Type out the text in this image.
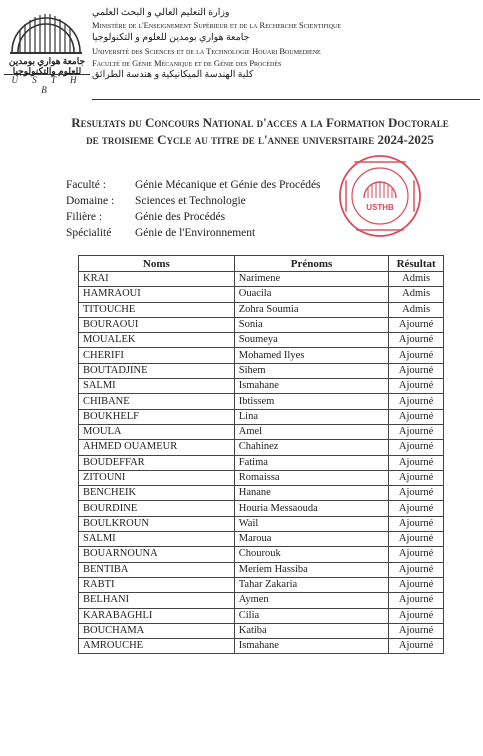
جامعة هواري بومدين للعلوم والتكنولوجيا
U S T H B
وزارة التعليم العالي و البحث العلمي
Ministère de l'Enseignement Supérieur et de la Recherche Scientifique
جامعة هواري بومدين للعلوم و التكنولوجيا
Université des Sciences et de la Technologie Houari Boumediene
Faculté de Génie Mécanique et de Génie des Procédés
كلية الهندسة الميكانيكية و هندسة الطرائق
Resultats du Concours National d'acces a la Formation Doctorale
de troisieme Cycle au titre de l'annee universitaire 2024-2025
USTHB
Faculté :	Génie Mécanique et Génie des Procédés
Domaine : Sciences et Technologie
Filière :	Génie des Procédés
Spécialité Génie de l'Environnement
Noms	Prénoms	Résultat
KRAI	Narimene	Admis
HAMRAOUI	Ouacila	Admis
TITOUCHE	Zohra Soumia	Admis
BOURAOUI	Sonia	Ajourné
MOUALEK	Soumeya	Ajourné
CHERIFI	Mohamed Ilyes	Ajourné
BOUTADJINE	Sihem	Ajourné
SALMI	Ismahane	Ajourné
CHIBANE	Ibtissem	Ajourné
BOUKHELF	Lina	Ajourné
MOULA	Amel	Ajourné
AHMED OUAMEUR	Chahinez	Ajourné
BOUDEFFAR	Fatima	Ajourné
ZITOUNI	Romaissa	Ajourné
BENCHEIK	Hanane	Ajourné
BOURDINE	Houria Messaouda	Ajourné
BOULKROUN	Wail	Ajourné
SALMI	Maroua	Ajourné
BOUARNOUNA	Chourouk	Ajourné
BENTIBA	Meriem Hassiba	Ajourné
RABTI	Tahar Zakaria	Ajourné
BELHANI	Aymen	Ajourné
KARABAGHLI	Cilia	Ajourné
BOUCHAMA	Katiba	Ajourné
AMROUCHE	Ismahane	Ajourné
